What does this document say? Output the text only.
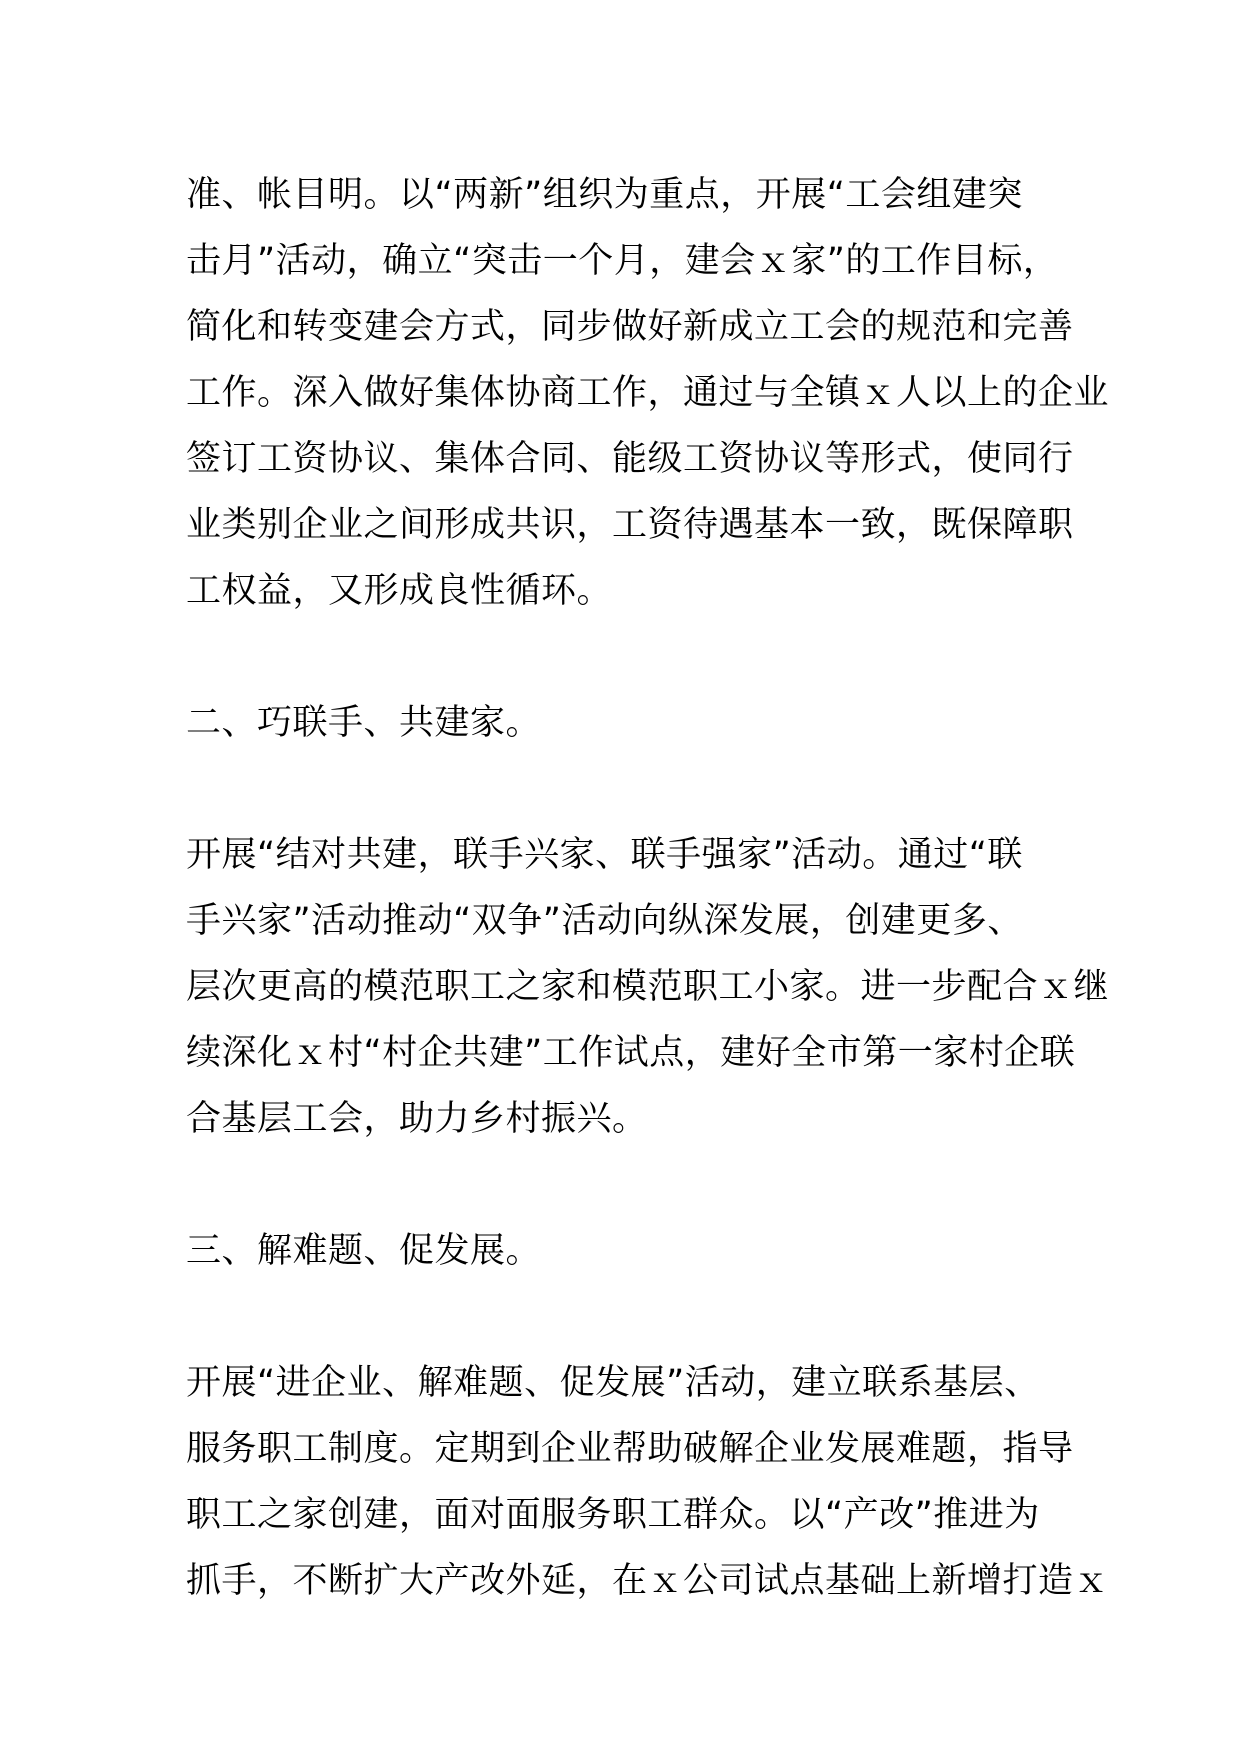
准、帐目明。以“两新”组织为重点，开展“工会组建突
击月”活动，确立“突击一个月，建会ｘ家”的工作目标，
简化和转变建会方式，同步做好新成立工会的规范和完善
工作。深入做好集体协商工作，通过与全镇ｘ人以上的企业
签订工资协议、集体合同、能级工资协议等形式，使同行
业类别企业之间形成共识，工资待遇基本一致，既保障职
工权益，又形成良性循环。

二、巧联手、共建家。

开展“结对共建，联手兴家、联手强家”活动。通过“联
手兴家”活动推动“双争”活动向纵深发展，创建更多、
层次更高的模范职工之家和模范职工小家。进一步配合ｘ继
续深化ｘ村“村企共建”工作试点，建好全市第一家村企联
合基层工会，助力乡村振兴。

三、解难题、促发展。

开展“进企业、解难题、促发展”活动，建立联系基层、
服务职工制度。定期到企业帮助破解企业发展难题，指导
职工之家创建，面对面服务职工群众。以“产改”推进为
抓手，不断扩大产改外延，在ｘ公司试点基础上新增打造ｘ
